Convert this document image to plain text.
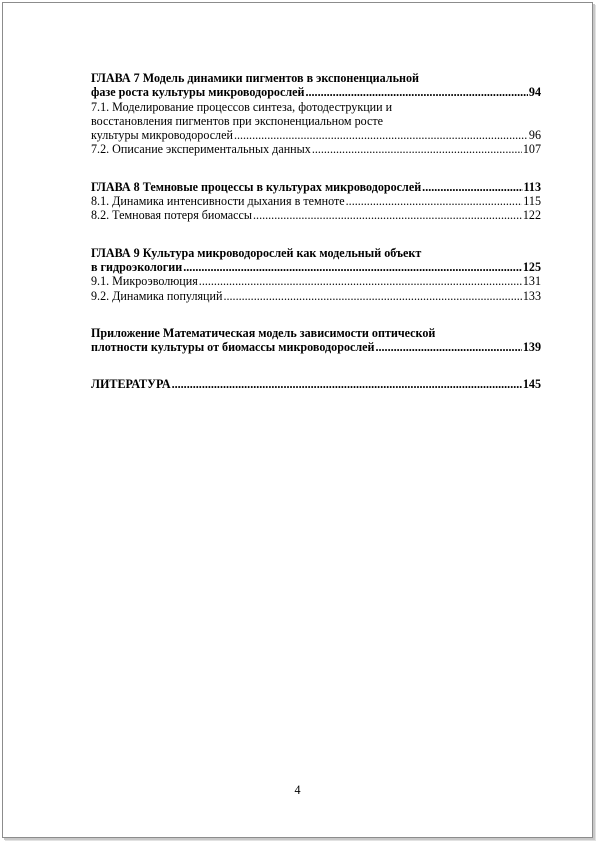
ГЛАВА 7 Модель динамики пигментов в экспоненциальной
фазе роста культуры микроводорослей .....	94
7.1. Моделирование процессов синтеза, фотодеструкции и
восстановления пигментов при экспоненциальном росте
культуры микроводорослей .....	96
7.2. Описание экспериментальных данных .....	107
ГЛАВА 8 Темновые процессы в культурах микроводорослей .....	113
8.1. Динамика интенсивности дыхания в темноте .....	115
8.2. Темновая потеря биомассы .....	122
ГЛАВА 9 Культура микроводорослей как модельный объект
в гидроэкологии .....	125
9.1. Микроэволюция .....	131
9.2. Динамика популяций .....	133
Приложение Математическая модель зависимости оптической
плотности культуры от биомассы микроводорослей .....	139
ЛИТЕРАТУРА .....	145
4
